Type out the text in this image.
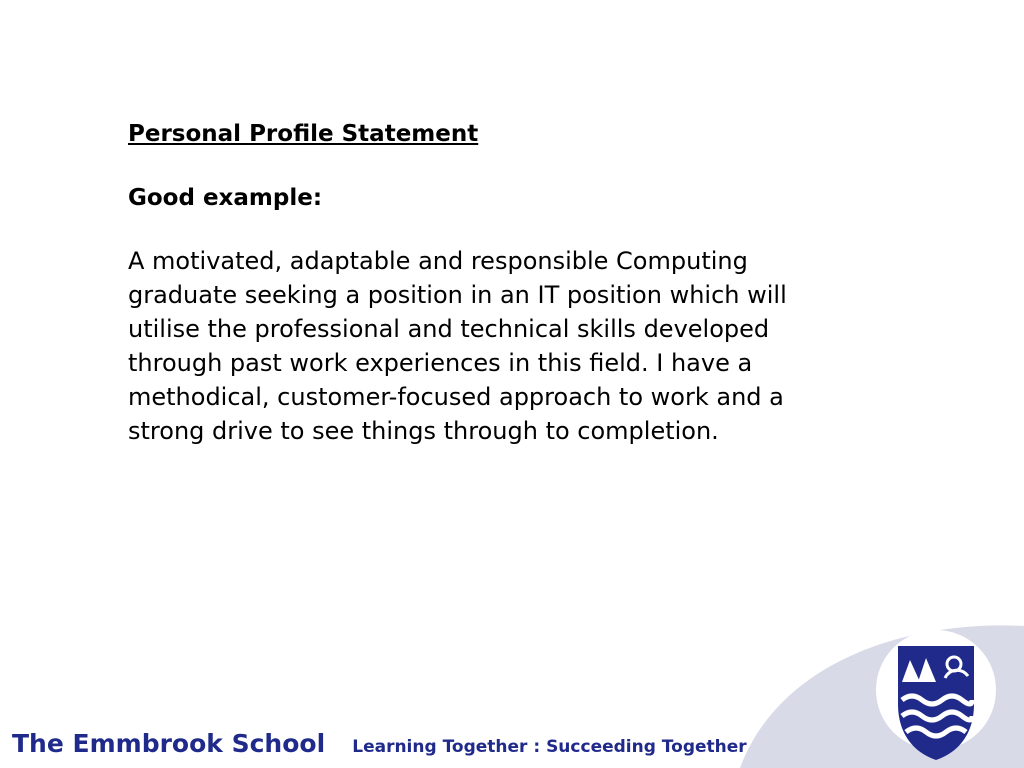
Personal Profile Statement
Good example:

A motivated, adaptable and responsible Computing graduate seeking a position in an IT position which will utilise the professional and technical skills developed through past work experiences in this field. I have a methodical, customer-focused approach to work and a strong drive to see things through to completion.

The Emmbrook School Learning Together : Succeeding Together
